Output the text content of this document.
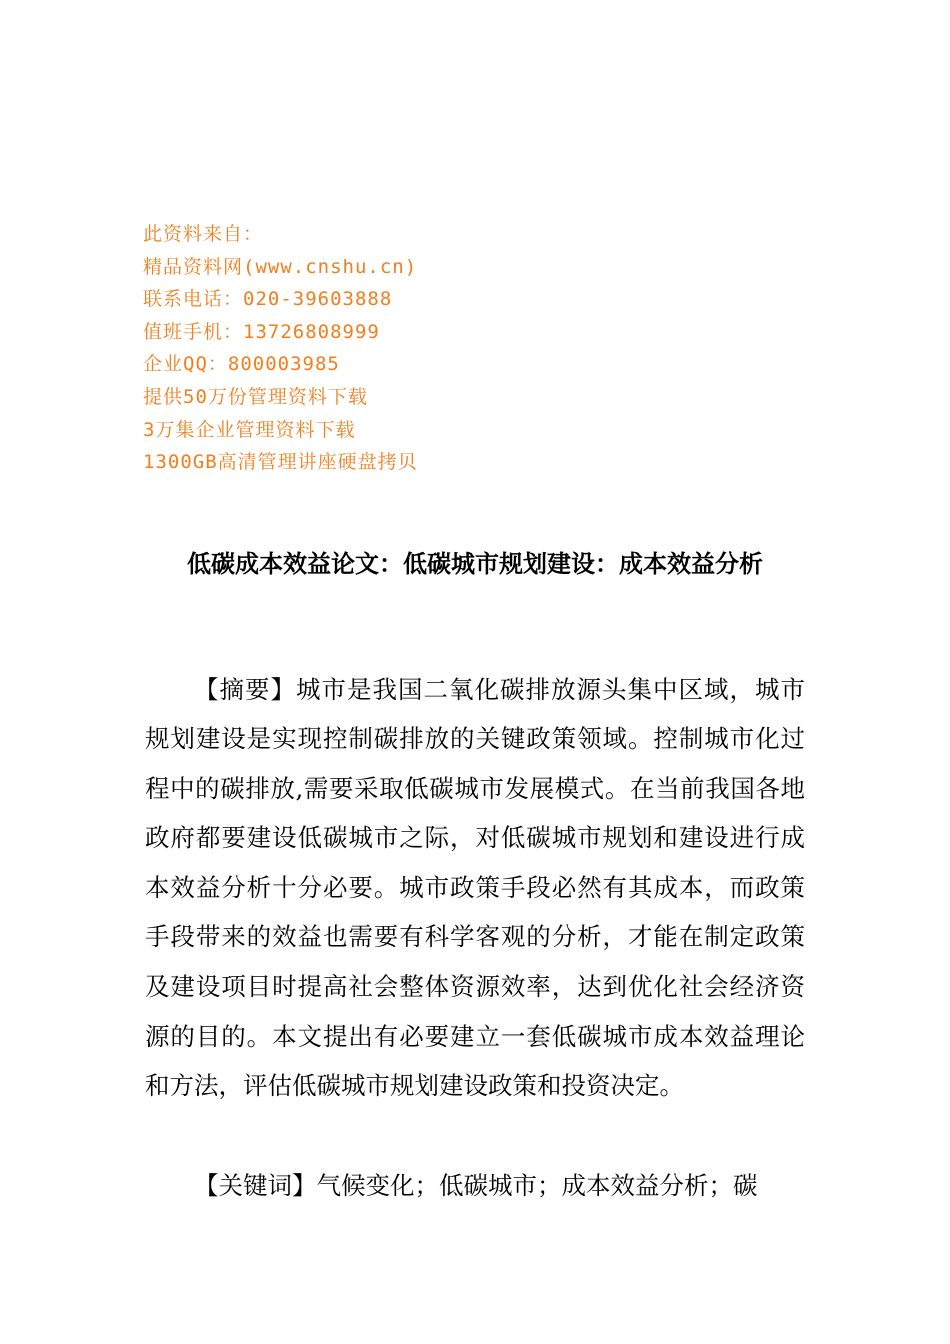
此资料来自：
精品资料网(www.cnshu.cn)
联系电话：020-39603888
值班手机：13726808999
企业QQ：800003985
提供50万份管理资料下载
3万集企业管理资料下载
1300GB高清管理讲座硬盘拷贝
低碳成本效益论文：低碳城市规划建设：成本效益分析

【摘要】城市是我国二氧化碳排放源头集中区域，城市规划建设是实现控制碳排放的关键政策领域。控制城市化过程中的碳排放,需要采取低碳城市发展模式。在当前我国各地政府都要建设低碳城市之际，对低碳城市规划和建设进行成本效益分析十分必要。城市政策手段必然有其成本，而政策手段带来的效益也需要有科学客观的分析，才能在制定政策及建设项目时提高社会整体资源效率，达到优化社会经济资源的目的。本文提出有必要建立一套低碳城市成本效益理论和方法，评估低碳城市规划建设政策和投资决定。

【关键词】气候变化；低碳城市；成本效益分析；碳
